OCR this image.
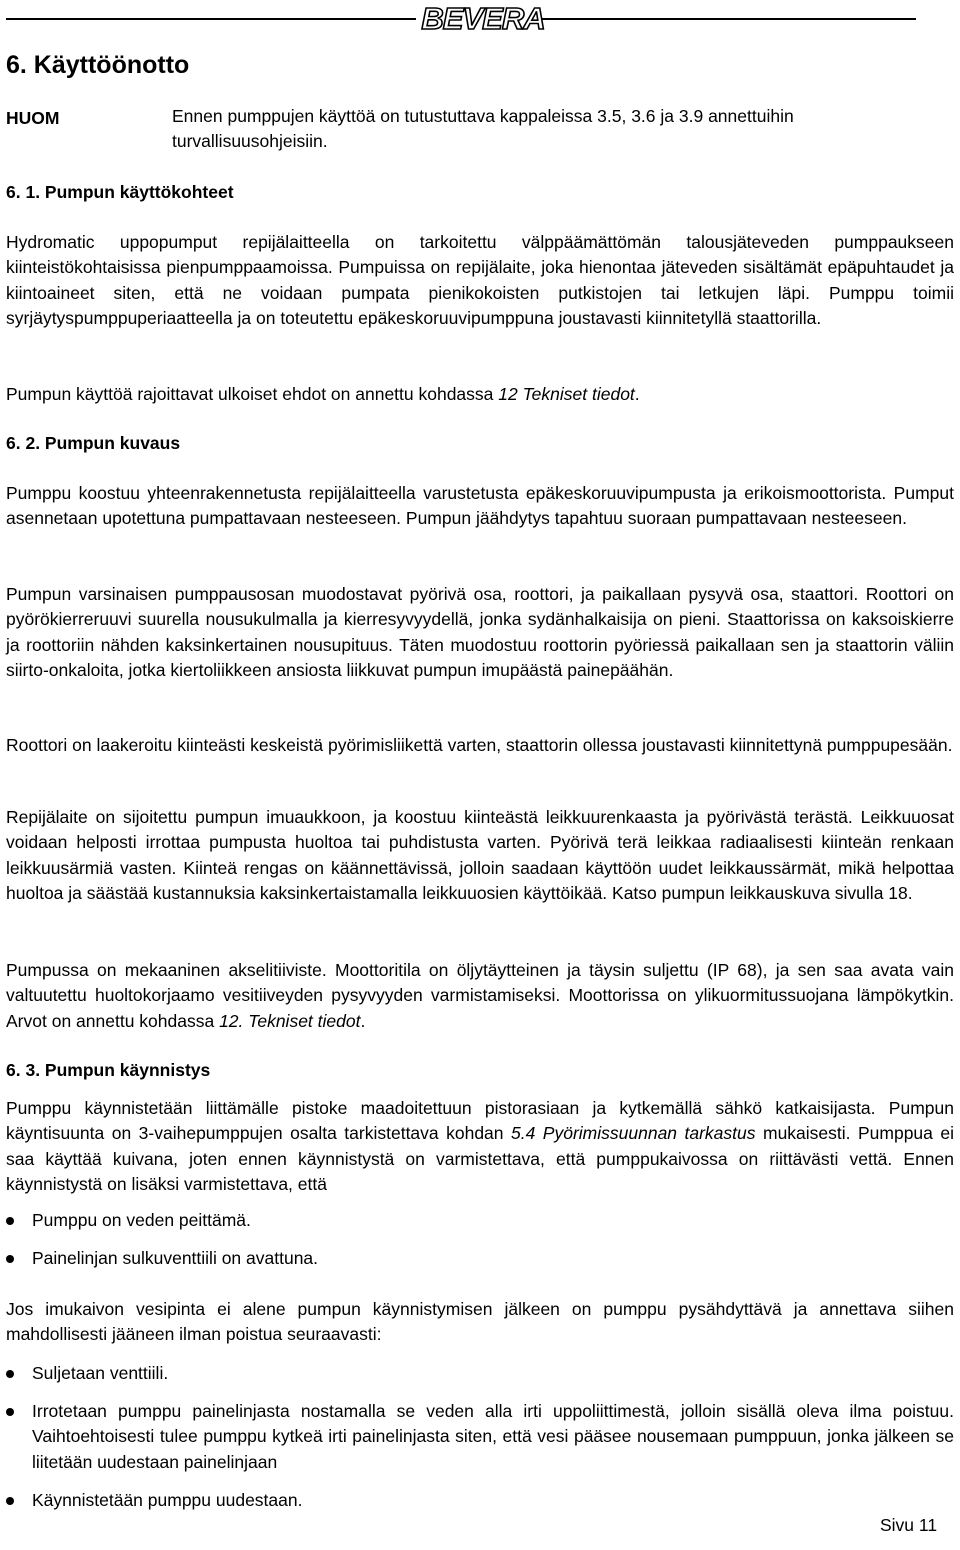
BEVERA
6. Käyttöönotto
HUOM	Ennen pumppujen käyttöä on tutustuttava kappaleissa 3.5, 3.6 ja 3.9 annettuihin turvallisuusohjeisiin.
6. 1. Pumpun käyttökohteet
Hydromatic uppopumput repijälaitteella on tarkoitettu välppäämättömän talousjäteveden pumppaukseen kiinteistökohtaisissa pienpumppaamoissa. Pumpuissa on repijälaite, joka hienontaa jäteveden sisältämät epäpuhtaudet ja kiintoaineet siten, että ne voidaan pumpata pienikokoisten putkistojen tai letkujen läpi. Pumppu toimii syrjäytyspumppuperiaatteella ja on toteutettu epäkeskoruuvipumppuna joustavasti kiinnitetyllä staattorilla.
Pumpun käyttöä rajoittavat ulkoiset ehdot on annettu kohdassa 12 Tekniset tiedot.
6. 2. Pumpun kuvaus
Pumppu koostuu yhteenrakennetusta repijälaitteella varustetusta epäkeskoruuvipumpusta ja erikoismoottorista. Pumput asennetaan upotettuna pumpattavaan nesteeseen. Pumpun jäähdytys tapahtuu suoraan pumpattavaan nesteeseen.
Pumpun varsinaisen pumppausosan muodostavat pyörivä osa, roottori, ja paikallaan pysyvä osa, staattori. Roottori on pyörökierreruuvi suurella nousukulmalla ja kierresyvyydellä, jonka sydänhalkaisija on pieni. Staattorissa on kaksoiskierre ja roottoriin nähden kaksinkertainen nousupituus. Täten muodostuu roottorin pyöriessä paikallaan sen ja staattorin väliin siirto-onkaloita, jotka kiertoliikkeen ansiosta liikkuvat pumpun imupäästä painepäähän.
Roottori on laakeroitu kiinteästi keskeistä pyörimisliikettä varten, staattorin ollessa joustavasti kiinnitettynä pumppupesään.
Repijälaite on sijoitettu pumpun imuaukkoon, ja koostuu kiinteästä leikkuurenkaasta ja pyörivästä terästä. Leikkuuosat voidaan helposti irrottaa pumpusta huoltoa tai puhdistusta varten. Pyörivä terä leikkaa radiaalisesti kiinteän renkaan leikkuusärmiä vasten. Kiinteä rengas on käännettävissä, jolloin saadaan käyttöön uudet leikkaussärmät, mikä helpottaa huoltoa ja säästää kustannuksia kaksinkertaistamalla leikkuuosien käyttöikää. Katso pumpun leikkauskuva sivulla 18.
Pumpussa on mekaaninen akselitiiviste. Moottoritila on öljytäytteinen ja täysin suljettu (IP 68), ja sen saa avata vain valtuutettu huoltokorjaamo vesitiiveyden pysyvyyden varmistamiseksi. Moottorissa on ylikuormitussuojana lämpökytkin. Arvot on annettu kohdassa 12. Tekniset tiedot.
6. 3. Pumpun käynnistys
Pumppu käynnistetään liittämälle pistoke maadoitettuun pistorasiaan ja kytkemällä sähkö katkaisijasta. Pumpun käyntisuunta on 3-vaihepumppujen osalta tarkistettava kohdan 5.4 Pyörimissuunnan tarkastus mukaisesti. Pumppua ei saa käyttää kuivana, joten ennen käynnistystä on varmistettava, että pumppukaivossa on riittävästi vettä. Ennen käynnistystä on lisäksi varmistettava, että
Pumppu on veden peittämä.
Painelinjan sulkuventtiili on avattuna.
Jos imukaivon vesipinta ei alene pumpun käynnistymisen jälkeen on pumppu pysähdyttävä ja annettava siihen mahdollisesti jääneen ilman poistua seuraavasti:
Suljetaan venttiili.
Irrotetaan pumppu painelinjasta nostamalla se veden alla irti uppoliittimestä, jolloin sisällä oleva ilma poistuu. Vaihtoehtoisesti tulee pumppu kytkeä irti painelinjasta siten, että vesi pääsee nousemaan pumppuun, jonka jälkeen se liitetään uudestaan painelinjaan
Käynnistetään pumppu uudestaan.
Sivu 11
